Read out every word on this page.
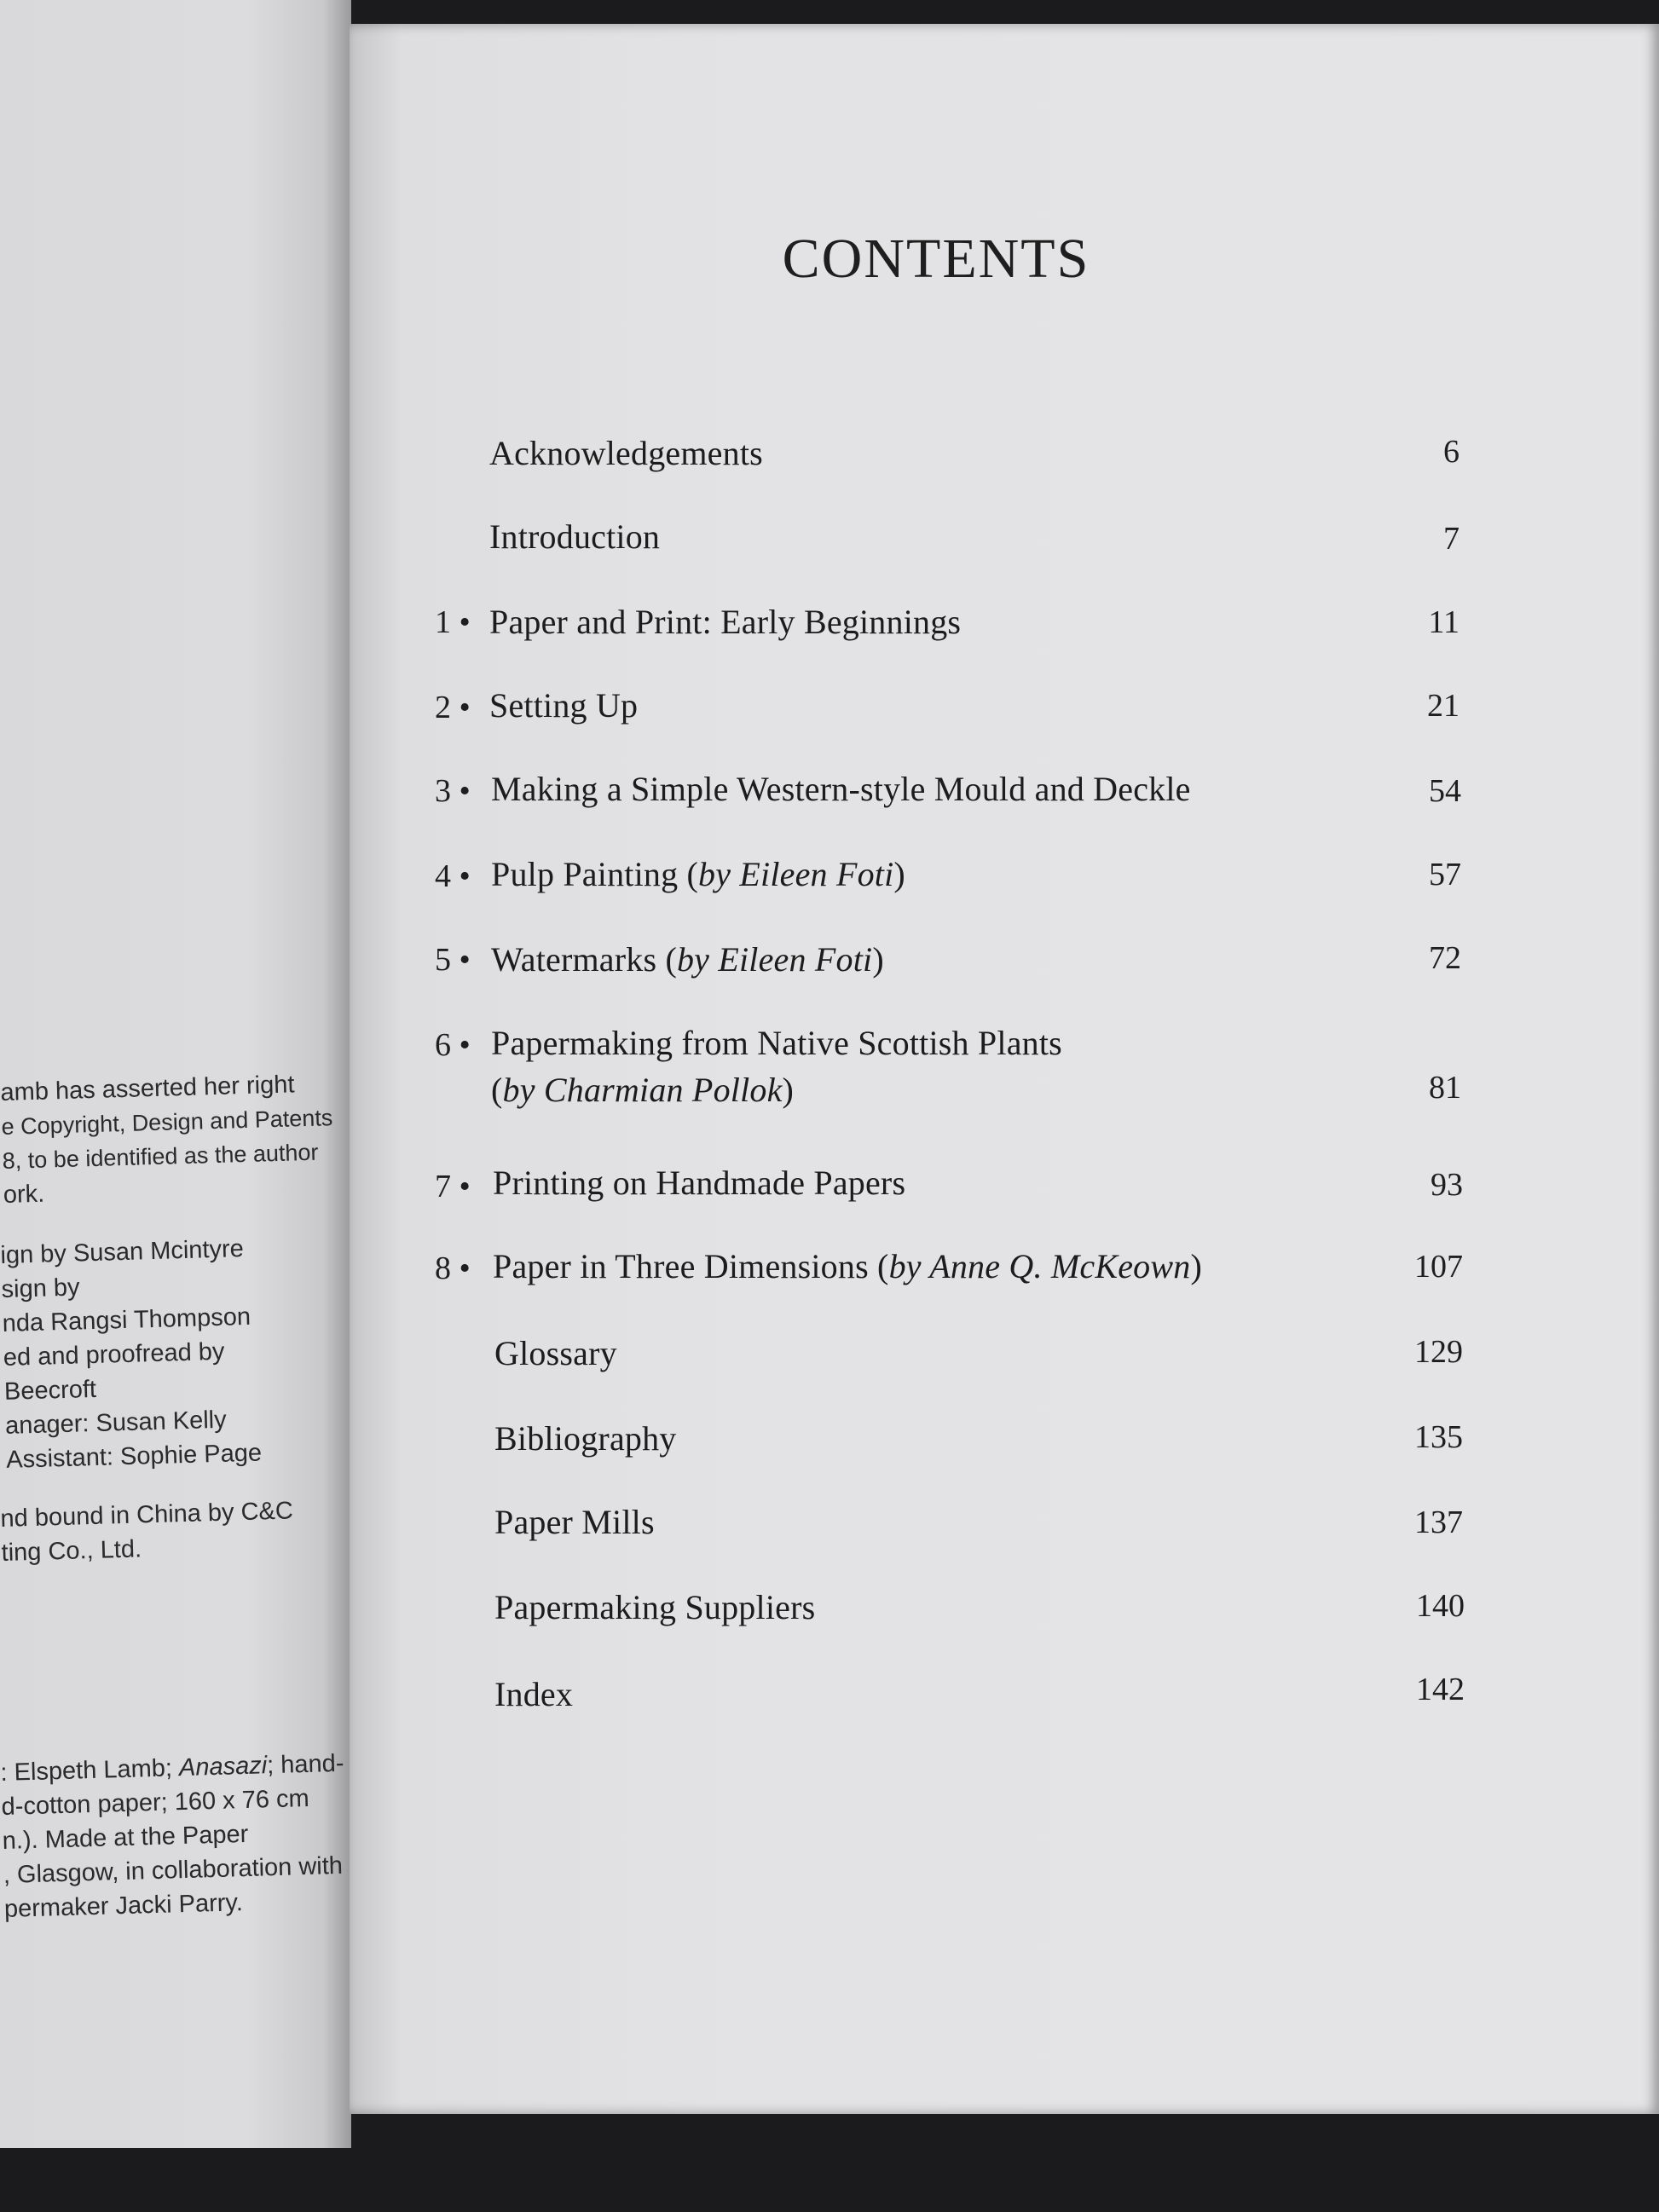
amb has asserted her right
e Copyright, Design and Patents
8, to be identified as the author
ork.
ign by Susan Mcintyre
sign by
nda Rangsi Thompson
ed and proofread by
Beecroft
anager: Susan Kelly
Assistant: Sophie Page
nd bound in China by C&C
ting Co., Ltd.
: Elspeth Lamb; Anasazi; hand-
d-cotton paper; 160 x 76 cm
n.). Made at the Paper
, Glasgow, in collaboration with
permaker Jacki Parry.
CONTENTS
Acknowledgements	6
Introduction	7
1 • Paper and Print: Early Beginnings	11
2 • Setting Up	21
3 • Making a Simple Western-style Mould and Deckle	54
4 • Pulp Painting (by Eileen Foti)	57
5 • Watermarks (by Eileen Foti)	72
6 • Papermaking from Native Scottish Plants
(by Charmian Pollok)	81
7 • Printing on Handmade Papers	93
8 • Paper in Three Dimensions (by Anne Q. McKeown)	107
Glossary	129
Bibliography	135
Paper Mills	137
Papermaking Suppliers	140
Index	142
